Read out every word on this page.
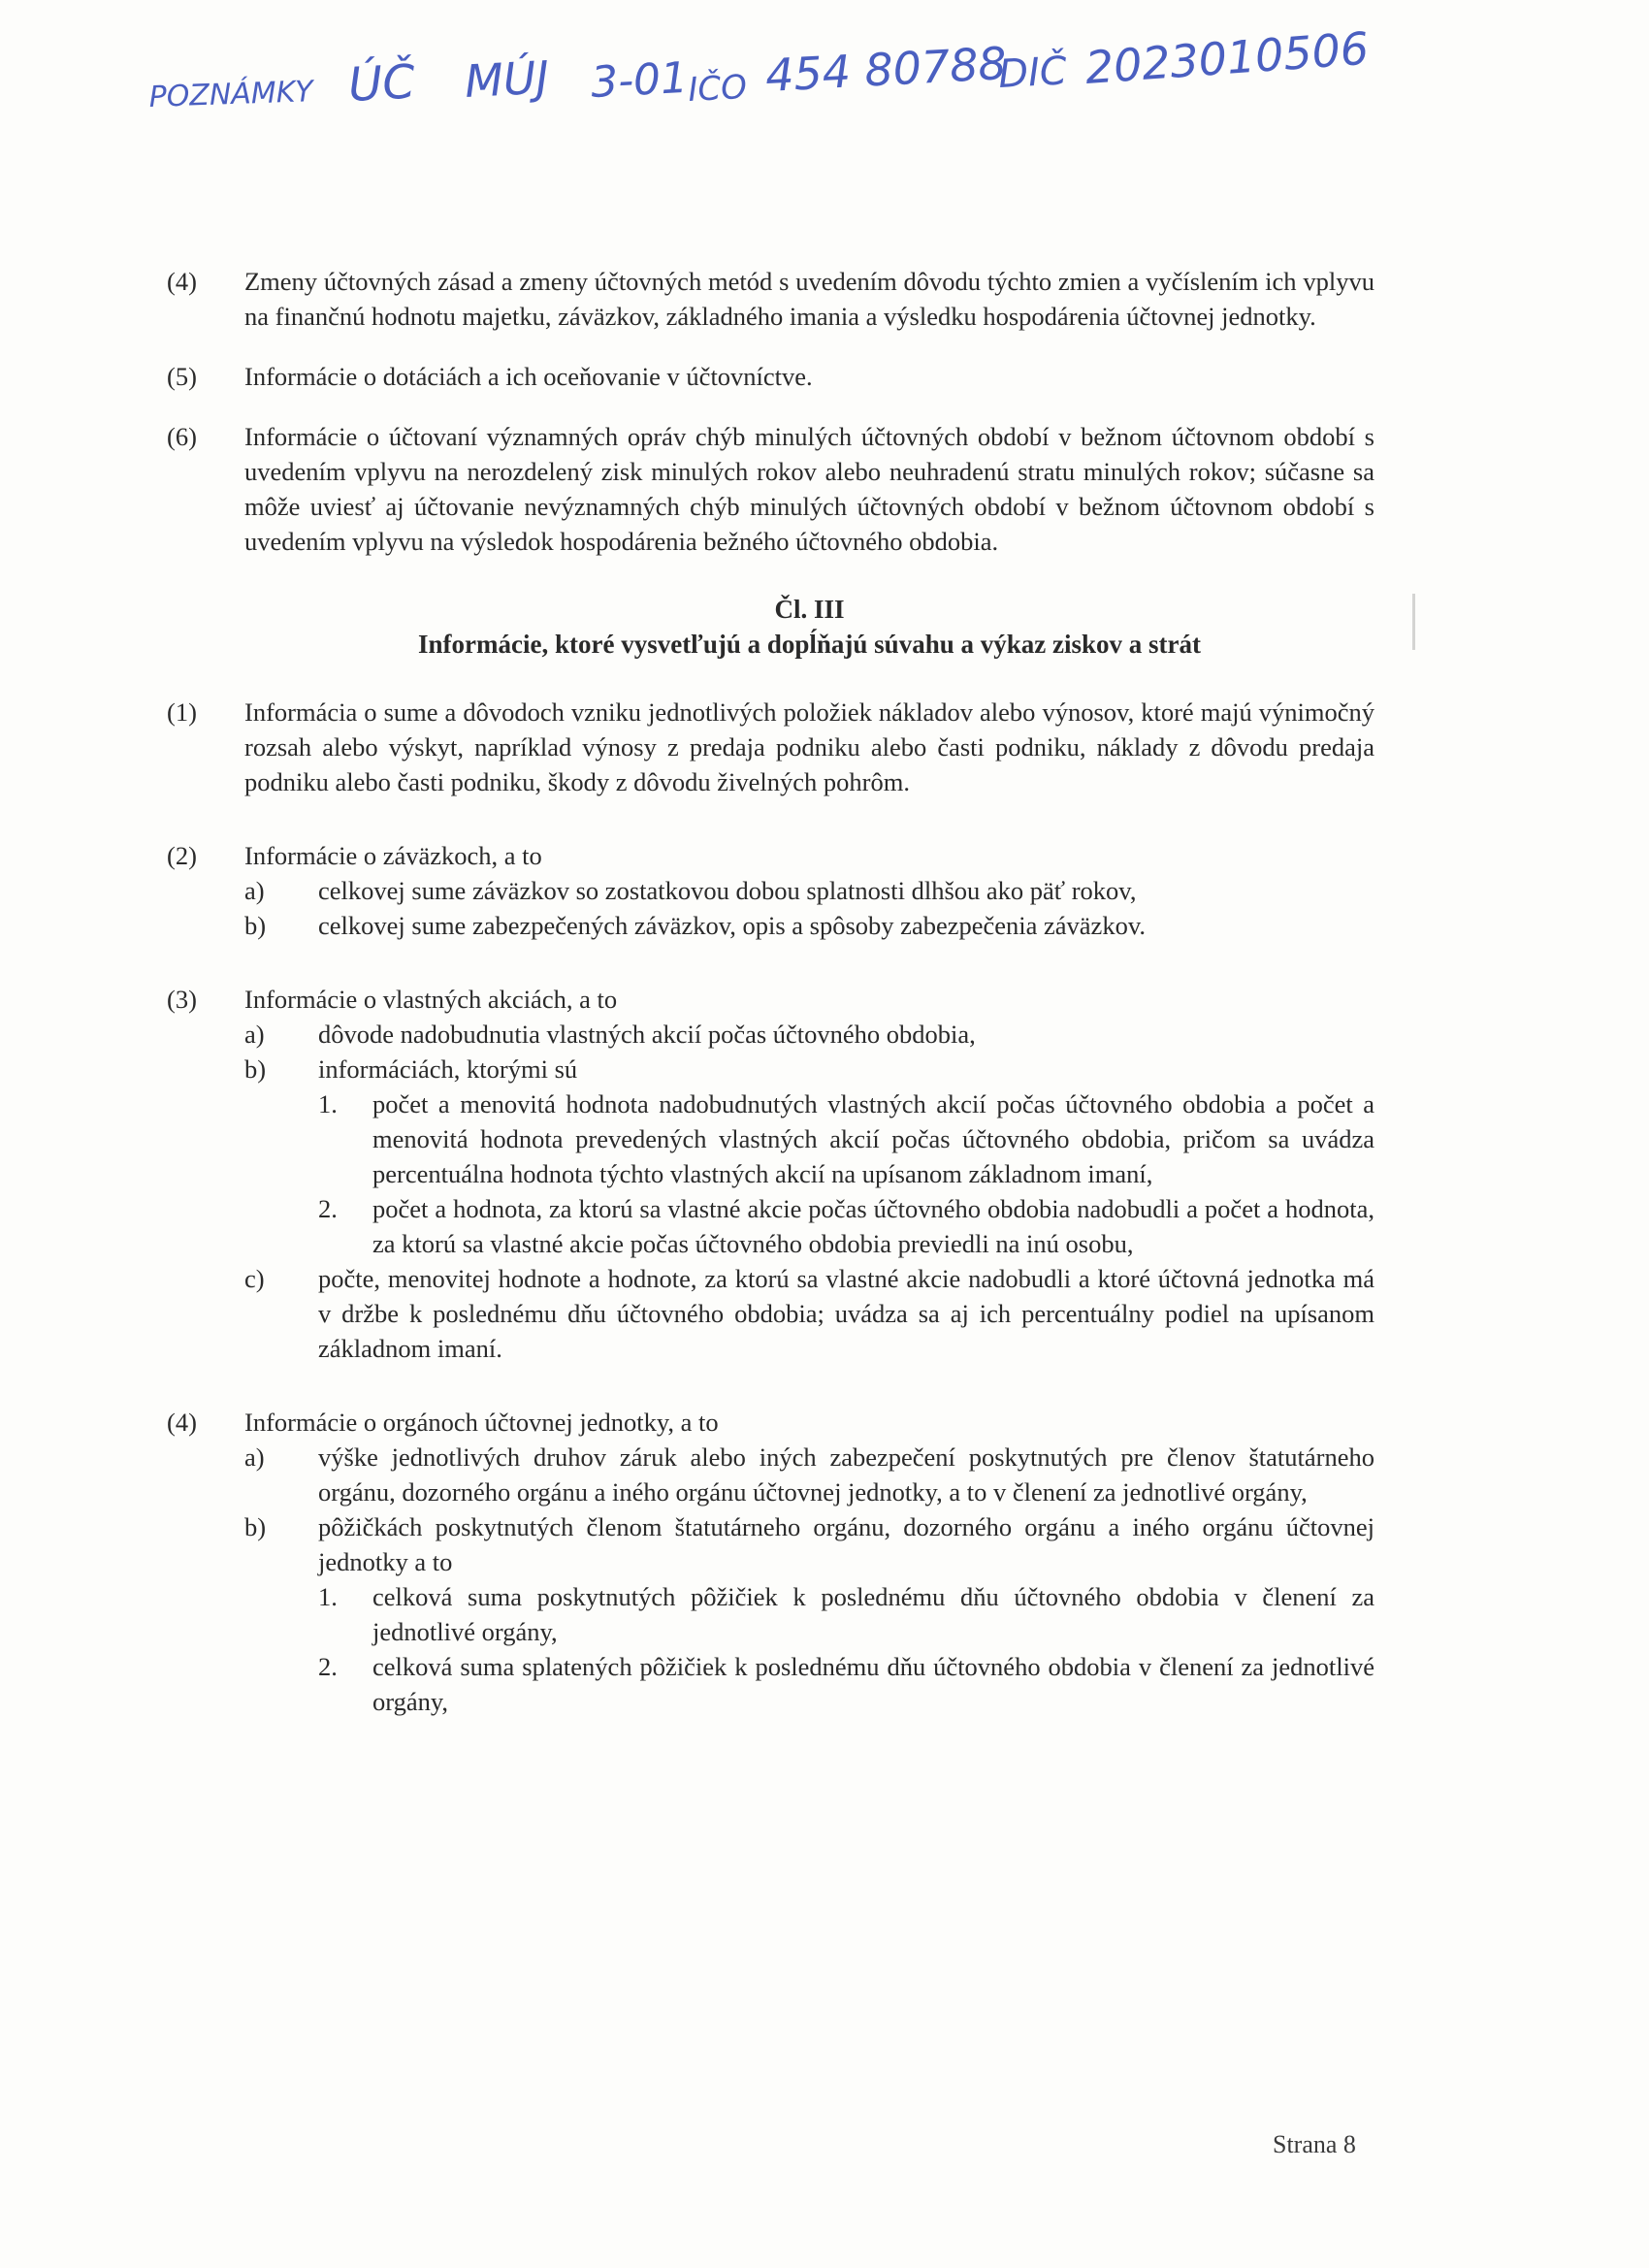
POZNÁMKY ÚČ MÚJ 3-01
IČO 454 80788
DIČ 2023010506
(4)	Zmeny účtovných zásad a zmeny účtovných metód s uvedením dôvodu týchto zmien a vyčíslením ich vplyvu na finančnú hodnotu majetku, záväzkov, základného imania a výsledku hospodárenia účtovnej jednotky.
(5)	Informácie o dotáciách a ich oceňovanie v účtovníctve.
(6)	Informácie o účtovaní významných opráv chýb minulých účtovných období v bežnom účtovnom období s uvedením vplyvu na nerozdelený zisk minulých rokov alebo neuhradenú stratu minulých rokov; súčasne sa môže uviesť aj účtovanie nevýznamných chýb minulých účtovných období v bežnom účtovnom období s uvedením vplyvu na výsledok hospodárenia bežného účtovného obdobia.
Čl. III
Informácie, ktoré vysvetľujú a dopĺňajú súvahu a výkaz ziskov a strát
(1)	Informácia o sume a dôvodoch vzniku jednotlivých položiek nákladov alebo výnosov, ktoré majú výnimočný rozsah alebo výskyt, napríklad výnosy z predaja podniku alebo časti podniku, náklady z dôvodu predaja podniku alebo časti podniku, škody z dôvodu živelných pohrôm.
(2)	Informácie o záväzkoch, a to
a) celkovej sume záväzkov so zostatkovou dobou splatnosti dlhšou ako päť rokov,
b) celkovej sume zabezpečených záväzkov, opis a spôsoby zabezpečenia záväzkov.
(3)	Informácie o vlastných akciách, a to
a) dôvode nadobudnutia vlastných akcií počas účtovného obdobia,
b) informáciách, ktorými sú
1. počet a menovitá hodnota nadobudnutých vlastných akcií počas účtovného obdobia a počet a menovitá hodnota prevedených vlastných akcií počas účtovného obdobia, pričom sa uvádza percentuálna hodnota týchto vlastných akcií na upísanom základnom imaní,
2. počet a hodnota, za ktorú sa vlastné akcie počas účtovného obdobia nadobudli a počet a hodnota, za ktorú sa vlastné akcie počas účtovného obdobia previedli na inú osobu,
c) počte, menovitej hodnote a hodnote, za ktorú sa vlastné akcie nadobudli a ktoré účtovná jednotka má v držbe k poslednému dňu účtovného obdobia; uvádza sa aj ich percentuálny podiel na upísanom základnom imaní.
(4)	Informácie o orgánoch účtovnej jednotky, a to
a) výške jednotlivých druhov záruk alebo iných zabezpečení poskytnutých pre členov štatutárneho orgánu, dozorného orgánu a iného orgánu účtovnej jednotky, a to v členení za jednotlivé orgány,
b) pôžičkách poskytnutých členom štatutárneho orgánu, dozorného orgánu a iného orgánu účtovnej jednotky a to
1. celková suma poskytnutých pôžičiek k poslednému dňu účtovného obdobia v členení za jednotlivé orgány,
2. celková suma splatených pôžičiek k poslednému dňu účtovného obdobia v členení za jednotlivé orgány,
Strana 8
